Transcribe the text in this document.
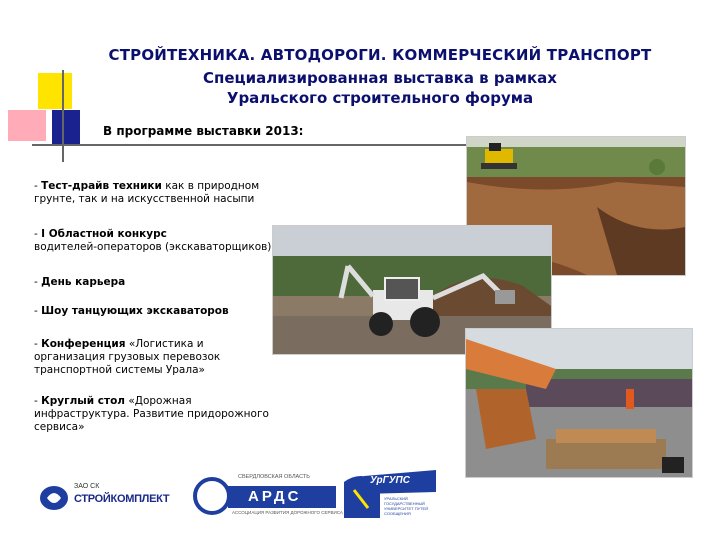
СТРОЙТЕХНИКА. АВТОДОРОГИ. КОММЕРЧЕСКИЙ ТРАНСПОРТ
Специализированная выставка в рамках
Уральского строительного форума
В программе выставки 2013:

- Тест-драйв техники как в природном грунте, так и на искусственной насыпи

- I Областной конкурс
водителей-операторов (экскаваторщиков)

- День карьера

- Шоу танцующих экскаваторов

- Конференция «Логистика и организация грузовых перевозок транспортной системы Урала»

- Круглый стол «Дорожная инфраструктура. Развитие придорожного сервиса»

ЗАО СК
СТРОЙКОМПЛЕКТ
СВЕРДЛОВСКАЯ ОБЛАСТЬ
АРДС
АССОЦИАЦИЯ РАЗВИТИЯ ДОРОЖНОГО СЕРВИСА
УрГУПС
УРАЛЬСКИЙ ГОСУДАРСТВЕННЫЙ УНИВЕРСИТЕТ ПУТЕЙ СООБЩЕНИЯ
